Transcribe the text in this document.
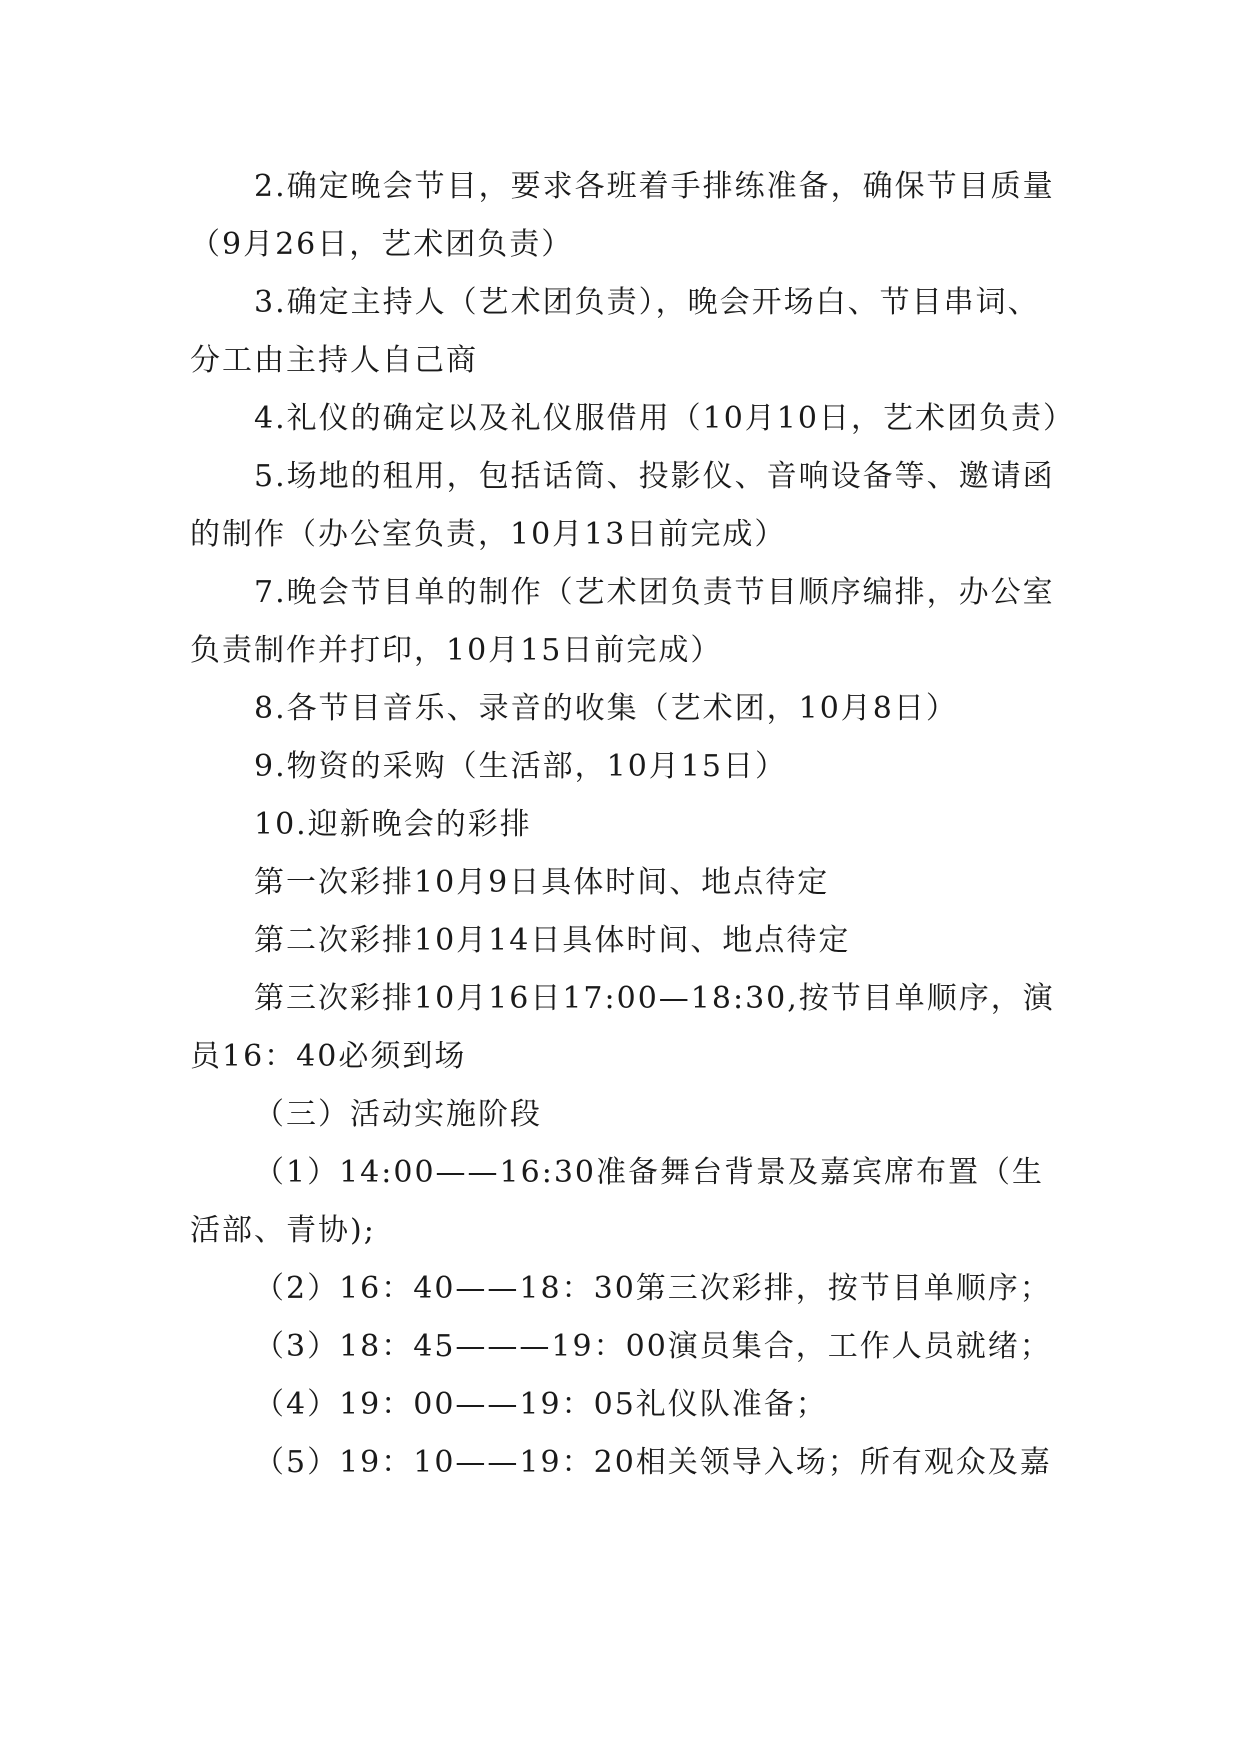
2.确定晚会节目，要求各班着手排练准备，确保节目质量（9月26日，艺术团负责）

3.确定主持人（艺术团负责），晚会开场白、节目串词、分工由主持人自己商

4.礼仪的确定以及礼仪服借用（10月10日，艺术团负责）

5.场地的租用，包括话筒、投影仪、音响设备等、邀请函的制作（办公室负责，10月13日前完成）

7.晚会节目单的制作（艺术团负责节目顺序编排，办公室负责制作并打印，10月15日前完成）

8.各节目音乐、录音的收集（艺术团，10月8日）

9.物资的采购（生活部，10月15日）

10.迎新晚会的彩排

第一次彩排10月9日具体时间、地点待定

第二次彩排10月14日具体时间、地点待定

第三次彩排10月16日17:00—18:30,按节目单顺序，演员16：40必须到场

（三）活动实施阶段

（1）14:00——16:30准备舞台背景及嘉宾席布置（生活部、青协);

（2）16：40——18：30第三次彩排，按节目单顺序；

（3）18：45———19：00演员集合，工作人员就绪；

（4）19：00——19：05礼仪队准备；

（5）19：10——19：20相关领导入场；所有观众及嘉
